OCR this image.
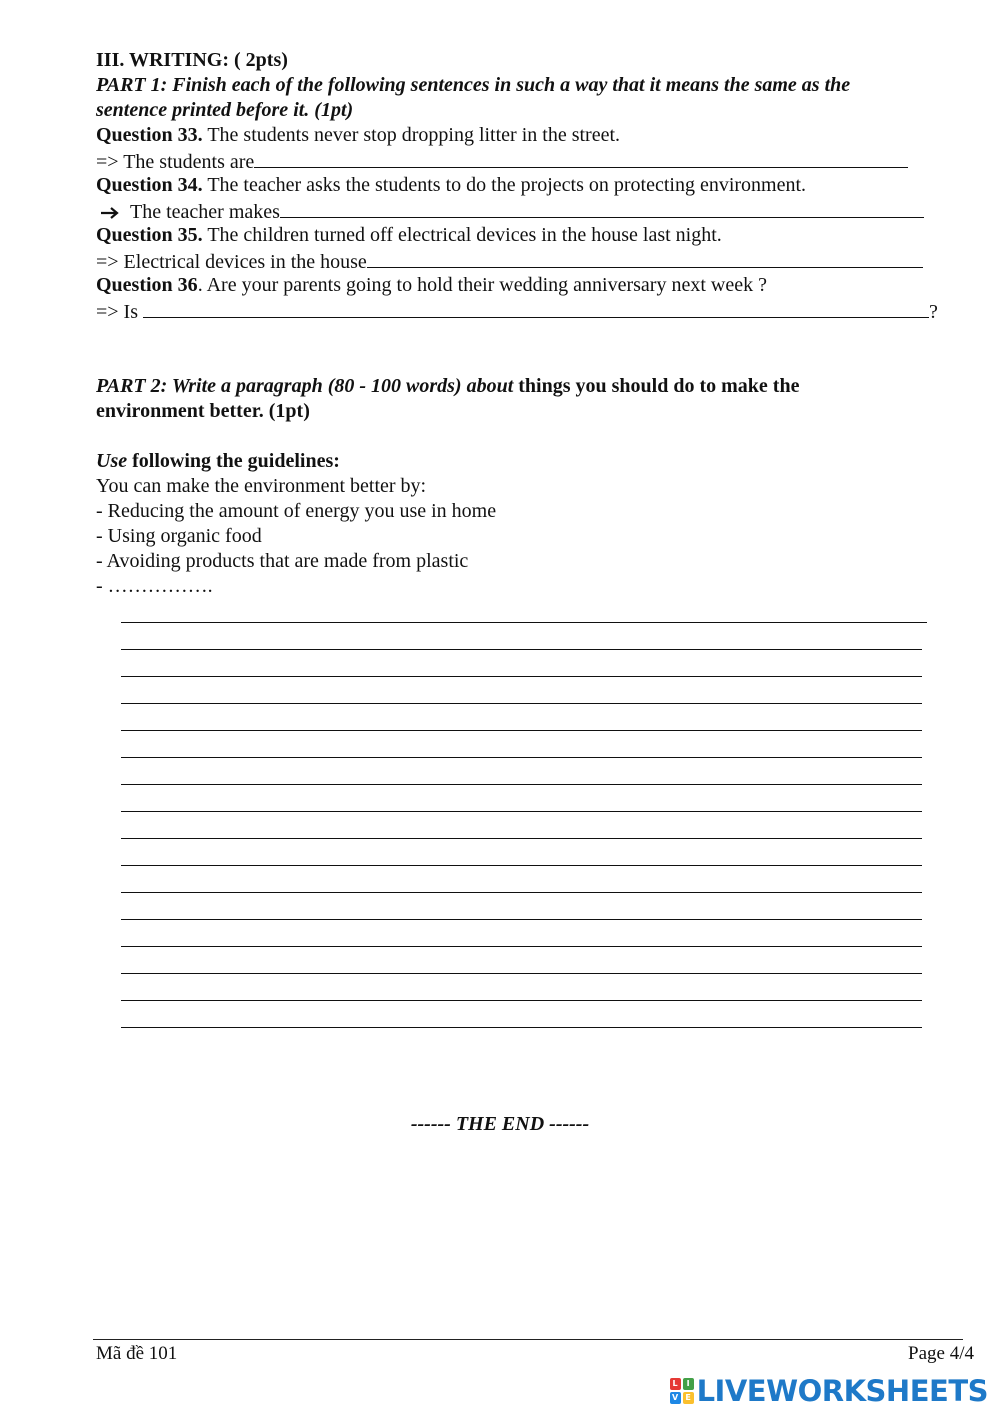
III. WRITING: ( 2pts)
PART 1: Finish each of the following sentences in such a way that it means the same as the
sentence printed before it. (1pt)
Question 33. The students never stop dropping litter in the street.
=> The students are
Question 34. The teacher asks the students to do the projects on protecting environment.
The teacher makes
Question 35. The children turned off electrical devices in the house last night.
=> Electrical devices in the house
Question 36. Are your parents going to hold their wedding anniversary next week ?
=> Is	?
PART 2: Write a paragraph (80 - 100 words) about things you should do to make the
environment better. (1pt)
Use following the guidelines:
You can make the environment better by:
- Reducing the amount of energy you use in home
- Using organic food
- Avoiding products that are made from plastic
- …………….
------ THE END ------
Mã đề 101	Page 4/4
L	I
V E LIVEWORKSHEETS
